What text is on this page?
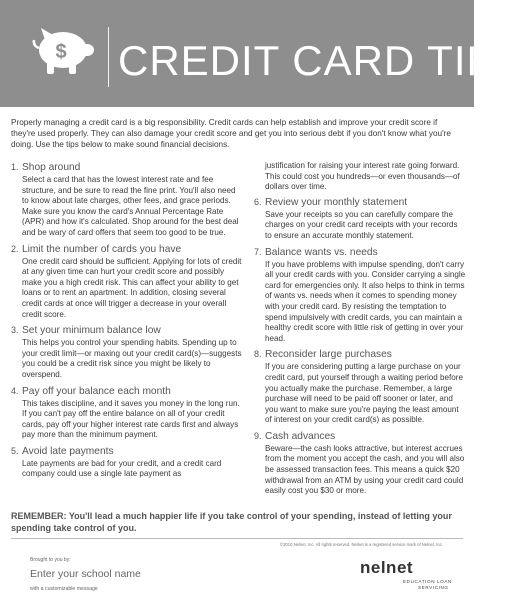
$ CREDIT CARD TIPS
Properly managing a credit card is a big responsibility. Credit cards can help establish and improve your credit score if they're used properly. They can also damage your credit score and get you into serious debt if you don't know what you're doing. Use the tips below to make sound financial decisions.
1. Shop around
Select a card that has the lowest interest rate and fee structure, and be sure to read the fine print. You'll also need to know about late charges, other fees, and grace periods. Make sure you know the card's Annual Percentage Rate (APR) and how it's calculated. Shop around for the best deal and be wary of card offers that seem too good to be true.
2. Limit the number of cards you have
One credit card should be sufficient. Applying for lots of credit at any given time can hurt your credit score and possibly make you a high credit risk. This can affect your ability to get loans or to rent an apartment. In addition, closing several credit cards at once will trigger a decrease in your overall credit score.
3. Set your minimum balance low
This helps you control your spending habits. Spending up to your credit limit—or maxing out your credit card(s)—suggests you could be a credit risk since you might be likely to overspend.
4. Pay off your balance each month
This takes discipline, and it saves you money in the long run. If you can't pay off the entire balance on all of your credit cards, pay off your higher interest rate cards first and always pay more than the minimum payment.
5. Avoid late payments
Late payments are bad for your credit, and a credit card company could use a single late payment as
justification for raising your interest rate going forward. This could cost you hundreds—or even thousands—of dollars over time.
6. Review your monthly statement
Save your receipts so you can carefully compare the charges on your credit card receipts with your records to ensure an accurate monthly statement.
7. Balance wants vs. needs
If you have problems with impulse spending, don't carry all your credit cards with you. Consider carrying a single card for emergencies only. It also helps to think in terms of wants vs. needs when it comes to spending money with your credit card. By resisting the temptation to spend impulsively with credit cards, you can maintain a healthy credit score with little risk of getting in over your head.
8. Reconsider large purchases
If you are considering putting a large purchase on your credit card, put yourself through a waiting period before you actually make the purchase. Remember, a large purchase will need to be paid off sooner or later, and you want to make sure you're paying the least amount of interest on your credit card(s) as possible.
9. Cash advances
Beware—the cash looks attractive, but interest accrues from the moment you accept the cash, and you will also be assessed transaction fees. This means a quick $20 withdrawal from an ATM by using your credit card could easily cost you $30 or more.
REMEMBER: You'll lead a much happier life if you take control of your spending, instead of letting your spending take control of you.
©2010 Nelnet, Inc. All rights reserved. Nelnet is a registered service mark of Nelnet, Inc.
Brought to you by:
Enter your school name
with a customizable message
nelnet
EDUCATION LOAN
SERVICING
